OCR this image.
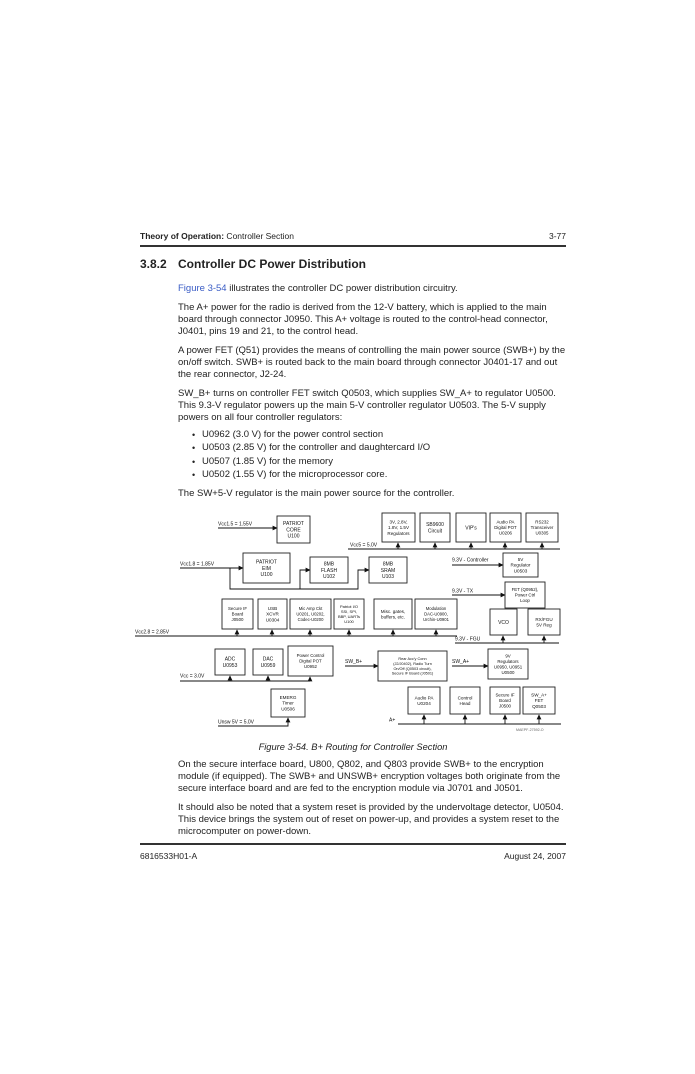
Theory of Operation: Controller Section	3-77
3.8.2 Controller DC Power Distribution

Figure 3-54 illustrates the controller DC power distribution circuitry.

The A+ power for the radio is derived from the 12-V battery, which is applied to the main board through connector J0950. This A+ voltage is routed to the control-head connector, J0401, pins 19 and 21, to the control head.

A power FET (Q51) provides the means of controlling the main power source (SWB+) by the on/off switch. SWB+ is routed back to the main board through connector J0401-17 and out the rear connector, J2-24.

SW_B+ turns on controller FET switch Q0503, which supplies SW_A+ to regulator U0500. This 9.3-V regulator powers up the main 5-V controller regulator U0503. The 5-V supply powers on all four controller regulators:

• U0962 (3.0 V) for the power control section
• U0503 (2.85 V) for the controller and daughtercard I/O
• U0507 (1.85 V) for the memory
• U0502 (1.55 V) for the microprocessor core.

The SW+5-V regulator is the main power source for the controller.

PATRIOT CORE U100
3V, 2.8V, 1.8V, 1.5V Regulators
SB9600 Circuit
VIP's
Audio PA Digital POT U0206
RS232 Transceiver U0305
PATRIOT EIM U100
8MB FLASH U102
8MB SRAM U103
5V Regulator U0503
FET (Q0952), Power Ctrl Loop
Secure IF Board J0500
USB XCVR U0304
Mic Amp Ckt U0201, U0202, Codec-U0200
Patriot I/O SSI, SPI, BBP, UARTs U100
Misc. gates, buffers, etc.
Modulation DAC-U0900, Urchin-U0901
VCO
RX/FGU 5V Reg
ADC U0953
DAC U0959
Power Control Digital POT U0952
Rear Acc'y Conn (J2/J0402), Radio Turn On/Off (Q0503 circuit), Secure IF Board (J0501)
9V Regulators U0950, U0951 U0500
EMERG Timer U0506
Audio PA U0204
Control Head
Secure IF Board J0500
SW_A+ FET Q0503
Vcc1.5 = 1.55V
Vcc5 = 5.0V
Vcc1.8 = 1.85V
9.3V - Controller
9.3V - TX
Vcc2.8 = 2.85V
9.3V - FGU
Vcc = 3.0V
SW_B+	SW_A+
Unsw 5V = 5.0V	A+
MAEPF-27592-O
Figure 3-54. B+ Routing for Controller Section

On the secure interface board, U800, Q802, and Q803 provide SWB+ to the encryption module (if equipped). The SWB+ and UNSWB+ encryption voltages both originate from the secure interface board and are fed to the encryption module via J0701 and J0501.

It should also be noted that a system reset is provided by the undervoltage detector, U0504. This device brings the system out of reset on power-up, and provides a system reset to the microcomputer on power-down.

6816533H01-A	August 24, 2007
